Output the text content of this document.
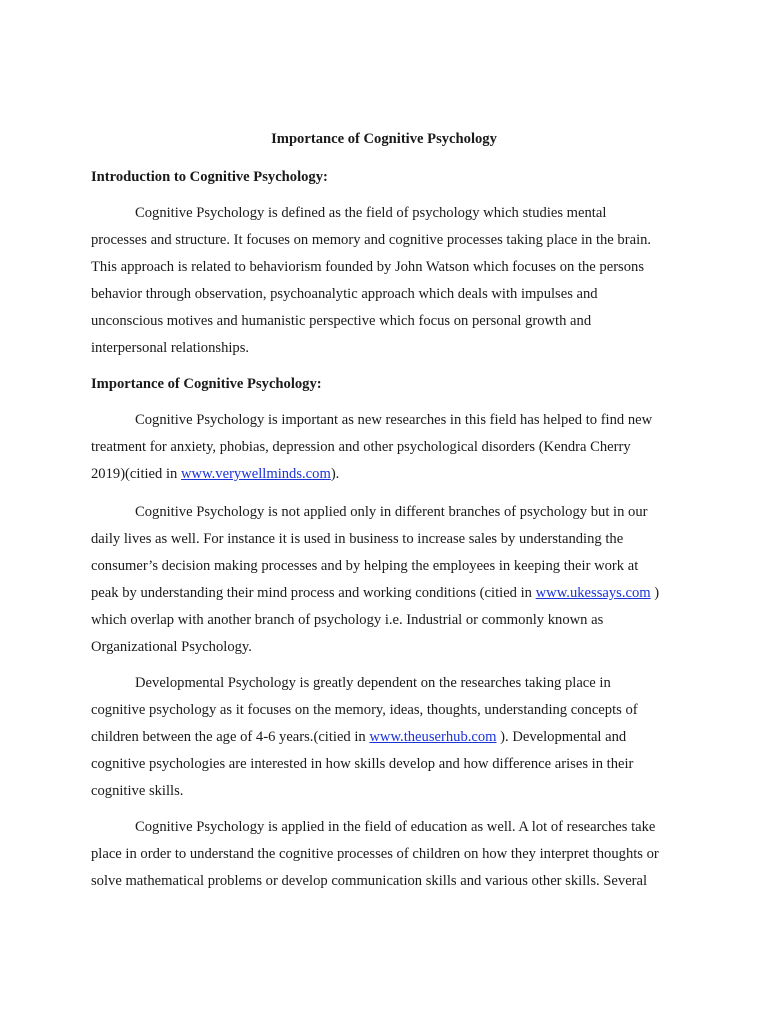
Importance of Cognitive Psychology
Introduction to Cognitive Psychology:

Cognitive Psychology is defined as the field of psychology which studies mental
processes and structure. It focuses on memory and cognitive processes taking place in the brain.
This approach is related to behaviorism founded by John Watson which focuses on the persons
behavior through observation, psychoanalytic approach which deals with impulses and
unconscious motives and humanistic perspective which focus on personal growth and
interpersonal relationships.

Importance of Cognitive Psychology:

Cognitive Psychology is important as new researches in this field has helped to find new
treatment for anxiety, phobias, depression and other psychological disorders (Kendra Cherry
2019)(citied in www.verywellminds.com).

Cognitive Psychology is not applied only in different branches of psychology but in our
daily lives as well. For instance it is used in business to increase sales by understanding the
consumer’s decision making processes and by helping the employees in keeping their work at
peak by understanding their mind process and working conditions (citied in www.ukessays.com )
which overlap with another branch of psychology i.e. Industrial or commonly known as
Organizational Psychology.

Developmental Psychology is greatly dependent on the researches taking place in
cognitive psychology as it focuses on the memory, ideas, thoughts, understanding concepts of
children between the age of 4-6 years.(citied in www.theuserhub.com ). Developmental and
cognitive psychologies are interested in how skills develop and how difference arises in their
cognitive skills.

Cognitive Psychology is applied in the field of education as well. A lot of researches take
place in order to understand the cognitive processes of children on how they interpret thoughts or
solve mathematical problems or develop communication skills and various other skills. Several
